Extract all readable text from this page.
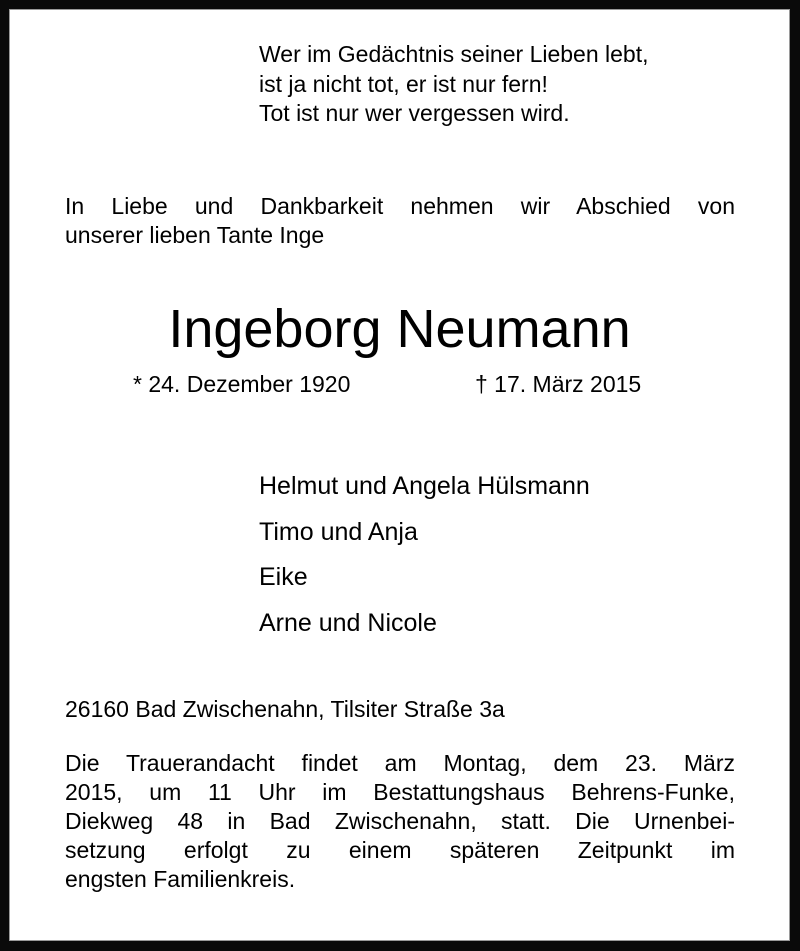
Wer im Gedächtnis seiner Lieben lebt,
ist ja nicht tot, er ist nur fern!
Tot ist nur wer vergessen wird.
In Liebe und Dankbarkeit nehmen wir Abschied von
unserer lieben Tante Inge
Ingeborg Neumann
* 24. Dezember 1920	† 17. März 2015
Helmut und Angela Hülsmann
Timo und Anja
Eike
Arne und Nicole
26160 Bad Zwischenahn, Tilsiter Straße 3a
Die Trauerandacht findet am Montag, dem 23. März
2015, um 11 Uhr im Bestattungshaus Behrens-Funke,
Diekweg 48 in Bad Zwischenahn, statt. Die Urnenbei-
setzung erfolgt zu einem späteren Zeitpunkt im
engsten Familienkreis.
